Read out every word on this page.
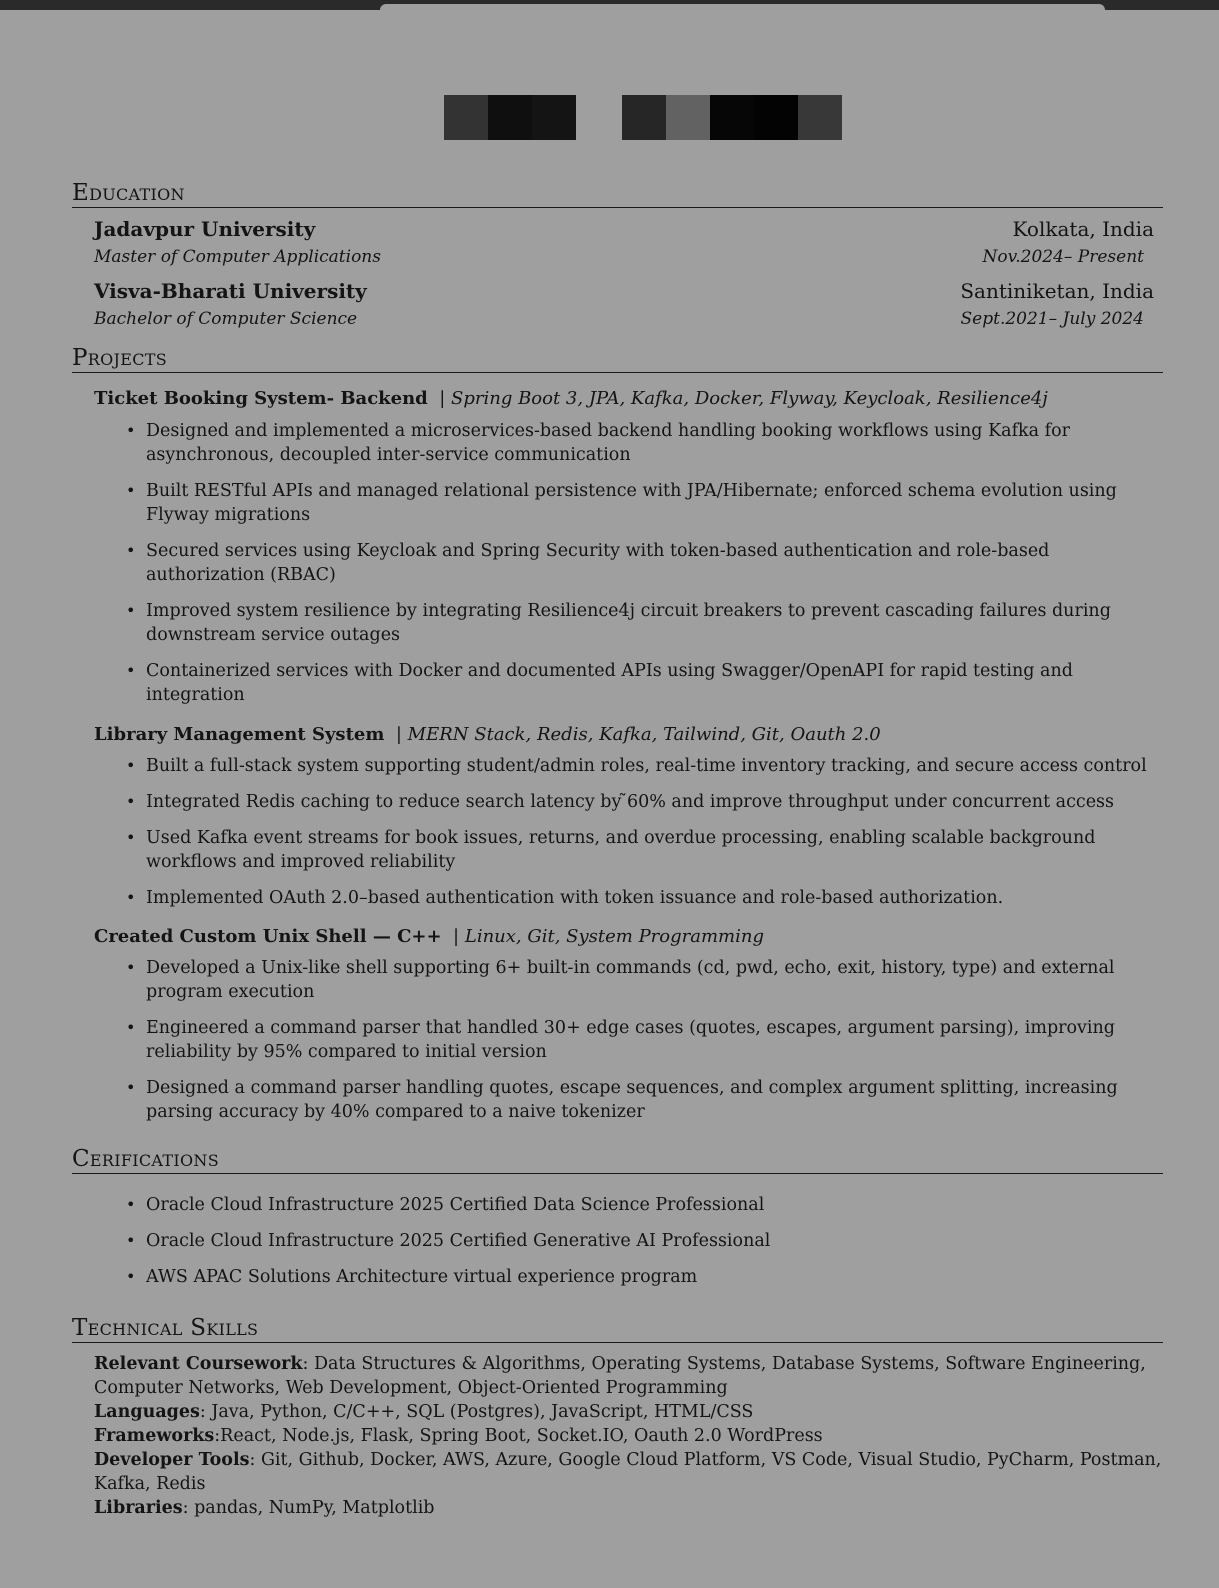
Education
Jadavpur University	Kolkata, India
Master of Computer Applications	Nov.2024– Present
Visva-Bharati University	Santiniketan, India
Bachelor of Computer Science	Sept.2021– July 2024
Projects
Ticket Booking System- Backend | Spring Boot 3, JPA, Kafka, Docker, Flyway, Keycloak, Resilience4j
• Designed and implemented a microservices-based backend handling booking workflows using Kafka for asynchronous, decoupled inter-service communication
• Built RESTful APIs and managed relational persistence with JPA/Hibernate; enforced schema evolution using Flyway migrations
• Secured services using Keycloak and Spring Security with token-based authentication and role-based authorization (RBAC)
• Improved system resilience by integrating Resilience4j circuit breakers to prevent cascading failures during downstream service outages
• Containerized services with Docker and documented APIs using Swagger/OpenAPI for rapid testing and integration
Library Management System | MERN Stack, Redis, Kafka, Tailwind, Git, Oauth 2.0
• Built a full-stack system supporting student/admin roles, real-time inventory tracking, and secure access control
• Integrated Redis caching to reduce search latency by ̃60% and improve throughput under concurrent access
• Used Kafka event streams for book issues, returns, and overdue processing, enabling scalable background workflows and improved reliability
• Implemented OAuth 2.0–based authentication with token issuance and role-based authorization.
Created Custom Unix Shell — C++ | Linux, Git, System Programming
• Developed a Unix-like shell supporting 6+ built-in commands (cd, pwd, echo, exit, history, type) and external program execution
• Engineered a command parser that handled 30+ edge cases (quotes, escapes, argument parsing), improving reliability by 95% compared to initial version
• Designed a command parser handling quotes, escape sequences, and complex argument splitting, increasing parsing accuracy by 40% compared to a naive tokenizer
Cerifications
• Oracle Cloud Infrastructure 2025 Certified Data Science Professional
• Oracle Cloud Infrastructure 2025 Certified Generative AI Professional
• AWS APAC Solutions Architecture virtual experience program
Technical Skills
Relevant Coursework: Data Structures & Algorithms, Operating Systems, Database Systems, Software Engineering, Computer Networks, Web Development, Object-Oriented Programming
Languages: Java, Python, C/C++, SQL (Postgres), JavaScript, HTML/CSS
Frameworks:React, Node.js, Flask, Spring Boot, Socket.IO, Oauth 2.0 WordPress
Developer Tools: Git, Github, Docker, AWS, Azure, Google Cloud Platform, VS Code, Visual Studio, PyCharm, Postman, Kafka, Redis
Libraries: pandas, NumPy, Matplotlib
